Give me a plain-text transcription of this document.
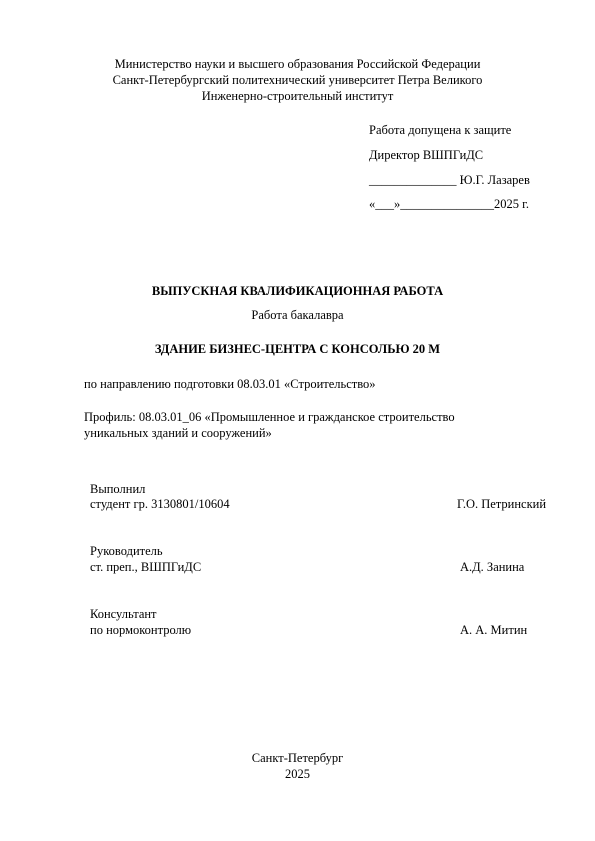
Министерство науки и высшего образования Российской Федерации
Санкт-Петербургский политехнический университет Петра Великого
Инженерно-строительный институт
Работа допущена к защите
Директор ВШПГиДС
______________ Ю.Г. Лазарев
«___»_______________2025 г.
ВЫПУСКНАЯ КВАЛИФИКАЦИОННАЯ РАБОТА
Работа бакалавра
ЗДАНИЕ БИЗНЕС-ЦЕНТРА С КОНСОЛЬЮ 20 М
по направлению подготовки 08.03.01 «Строительство»
Профиль: 08.03.01_06 «Промышленное и гражданское строительство
уникальных зданий и сооружений»
Выполнил
студент гр. 3130801/10604	Г.О. Петринский
Руководитель
ст. преп., ВШПГиДС	А.Д. Занина
Консультант
по нормоконтролю	А. А. Митин
Санкт-Петербург
2025
